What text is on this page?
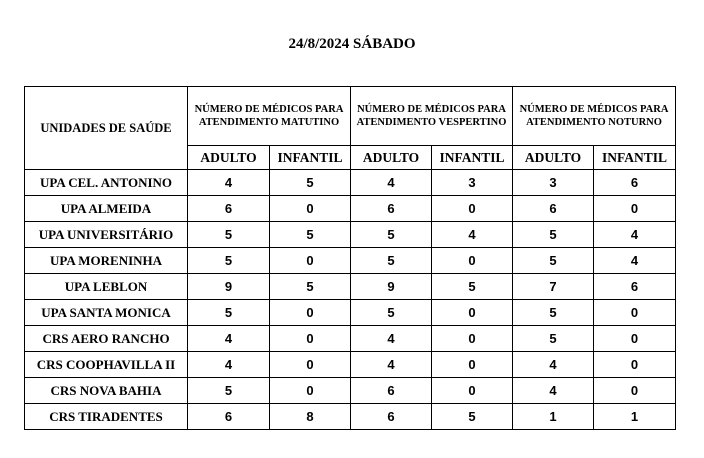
24/8/2024 SÁBADO
UNIDADES DE SAÚDE	NÚMERO DE MÉDICOS PARA ATENDIMENTO MATUTINO		NÚMERO DE MÉDICOS PARA ATENDIMENTO VESPERTINO		NÚMERO DE MÉDICOS PARA ATENDIMENTO NOTURNO	
	ADULTO	INFANTIL	ADULTO	INFANTIL	ADULTO	INFANTIL
UPA CEL. ANTONINO	4	5	4	3	3	6
UPA ALMEIDA	6	0	6	0	6	0
UPA UNIVERSITÁRIO	5	5	5	4	5	4
UPA MORENINHA	5	0	5	0	5	4
UPA LEBLON	9	5	9	5	7	6
UPA SANTA MONICA	5	0	5	0	5	0
CRS AERO RANCHO	4	0	4	0	5	0
CRS COOPHAVILLA II	4	0	4	0	4	0
CRS NOVA BAHIA	5	0	6	0	4	0
CRS TIRADENTES	6	8	6	5	1	1
